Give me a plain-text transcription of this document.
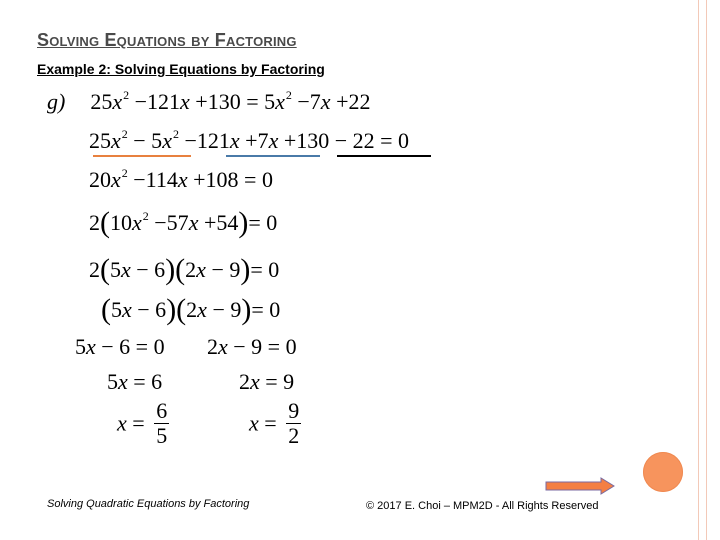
Solving Equations by Factoring
Example 2: Solving Equations by Factoring
g) $25x^2 -121x +130 = 5x^2 -7x +22$
$25x^2 - 5x^2 -121x +7x +130 - 22 = 0$
$20x^2 -114x +108 = 0$
$2(10x^2 -57x +54)= 0$
2(5x − 6)(2x − 9)= 0
(5x − 6)(2x − 9)= 0
5x − 6 = 0
5x = 6
$x = \frac{6}{5}$
2x − 9 = 0
2x = 9
$x = \frac{9}{2}$
Solving Quadratic Equations by Factoring	© 2017 E. Choi – MPM2D - All Rights Reserved
